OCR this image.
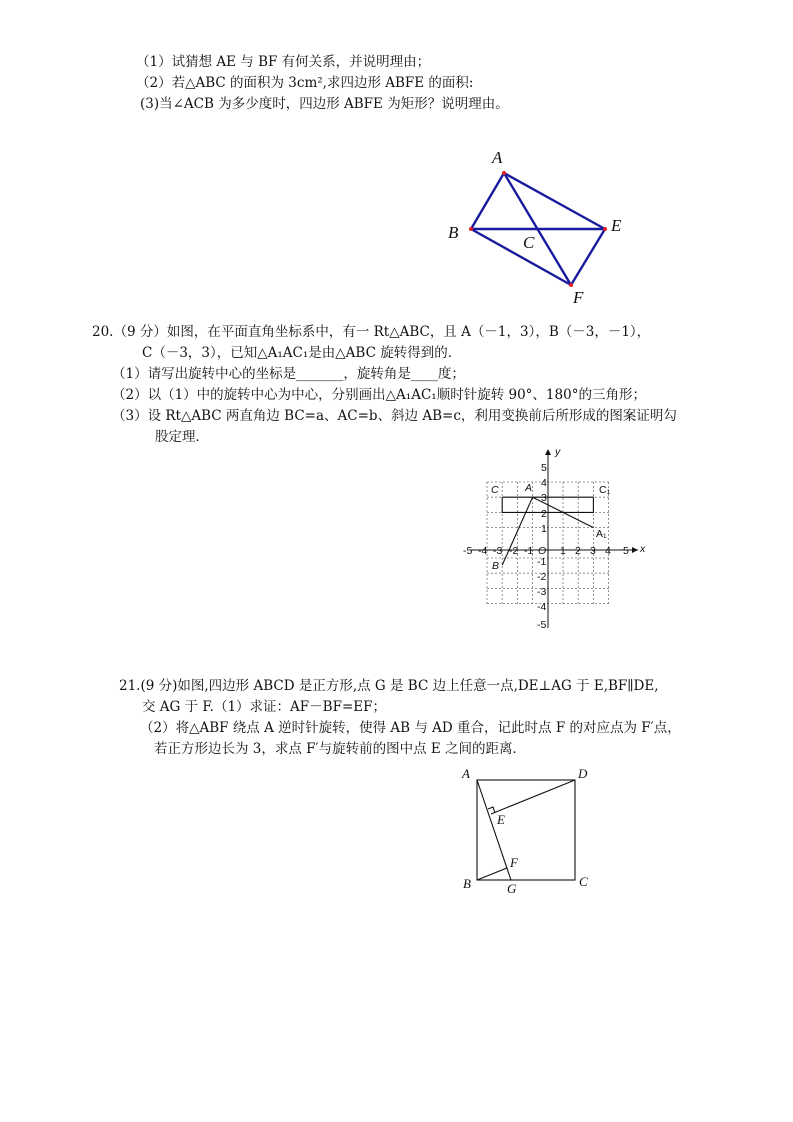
（1）试猜想 AE 与 BF 有何关系，并说明理由；
（2）若△ABC 的面积为 3cm²,求四边形 ABFE 的面积:
(3)当∠ACB 为多少度时，四边形 ABFE 为矩形？说明理由。
A
B
C
E
F
20.（9 分）如图，在平面直角坐标系中，有一 Rt△ABC，且 A（－1，3），B（－3，－1），
C（－3，3），已知△A₁AC₁是由△ABC 旋转得到的．
（1）请写出旋转中心的坐标是_______，旋转角是____度；
（2）以（1）中的旋转中心为中心，分别画出△A₁AC₁顺时针旋转 90°、180°的三角形；
（3）设 Rt△ABC 两直角边 BC=a、AC=b、斜边 AB=c，利用变换前后所形成的图案证明勾
股定理．
x
y
-5 -4 -3 -2 -1 O 1 2 3 4 5
5
4
3
2
1
-1
-2
-3
-4
-5
C	A
B
C₁
A₁
21.(9 分)如图,四边形 ABCD 是正方形,点 G 是 BC 边上任意一点,DE⊥AG 于 E,BF∥DE,
交 AG 于 F.（1）求证：AF－BF=EF；
（2）将△ABF 绕点 A 逆时针旋转，使得 AB 与 AD 重合，记此时点 F 的对应点为 F′点，
若正方形边长为 3，求点 F′与旋转前的图中点 E 之间的距离．
A	D
E
F
B	G	C
